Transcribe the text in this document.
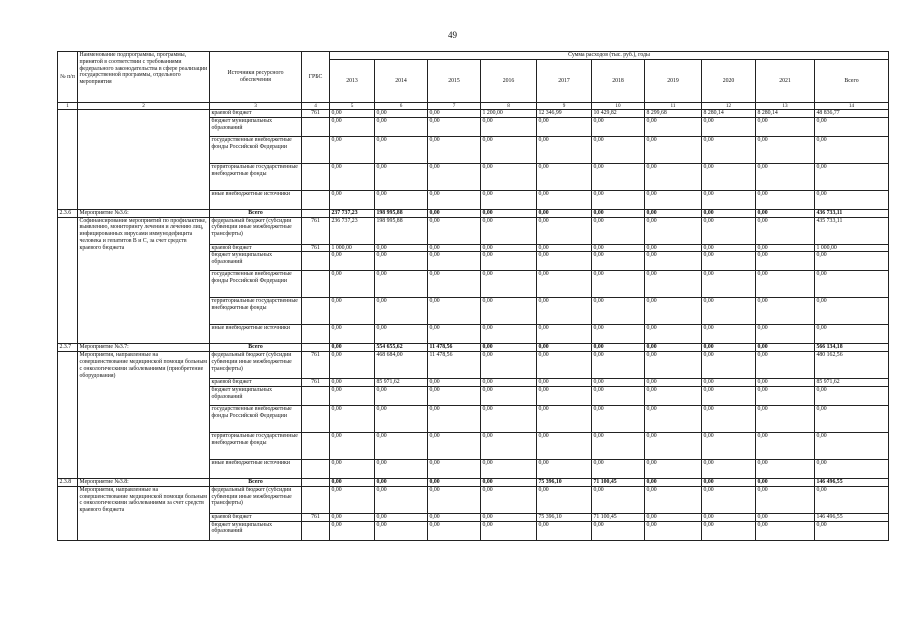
49
№ п/п	Наименование подпрограммы, программы, принятой в соответствии с требованиями федерального законодательства в сфере реализации государственной программы, отдельного мероприятия	Источники ресурсного обеспечения	ГРБС	Сумма расходов (тыс. руб.), годы									
				2013	2014	2015	2016	2017	2018	2019	2020	2021	Всего
1	2	3	4	5	6	7	8	9	10	11	12	13	14
		краевой бюджет	761	0,00	0,00	0,00	1 200,00	12 346,99	10 429,82	8 299,68	8 280,14	8 280,14	48 836,77
		бюджет муниципальных образований		0,00	0,00	0,00	0,00	0,00	0,00	0,00	0,00	0,00	0,00
		государственные внебюджетные фонды Российской Федерации		0,00	0,00	0,00	0,00	0,00	0,00	0,00	0,00	0,00	0,00
		территориальные государственные внебюджетные фонды		0,00	0,00	0,00	0,00	0,00	0,00	0,00	0,00	0,00	0,00
		иные внебюджетные источники		0,00	0,00	0,00	0,00	0,00	0,00	0,00	0,00	0,00	0,00
2.3.6	Мероприятие №3.6:	Всего		237 737,23	198 995,88	0,00	0,00	0,00	0,00	0,00	0,00	0,00	436 733,11
	Софинансирование мероприятий по профилактике, выявлению, мониторингу лечения и лечению лиц, инфицированных вирусами иммунодефицита человека и гепатитов В и С, за счет средств краевого бюджета	федеральный бюджет (субсидии субвенции иные межбюджетные трансферты)	761	236 737,23	198 995,88	0,00	0,00	0,00	0,00	0,00	0,00	0,00	435 733,11
		краевой бюджет	761	1 000,00	0,00	0,00	0,00	0,00	0,00	0,00	0,00	0,00	1 000,00
		бюджет муниципальных образований		0,00	0,00	0,00	0,00	0,00	0,00	0,00	0,00	0,00	0,00
		государственные внебюджетные фонды Российской Федерации		0,00	0,00	0,00	0,00	0,00	0,00	0,00	0,00	0,00	0,00
		территориальные государственные внебюджетные фонды		0,00	0,00	0,00	0,00	0,00	0,00	0,00	0,00	0,00	0,00
		иные внебюджетные источники		0,00	0,00	0,00	0,00	0,00	0,00	0,00	0,00	0,00	0,00
2.3.7	Мероприятие №3.7:	Всего		0,00	554 655,62	11 478,56	0,00	0,00	0,00	0,00	0,00	0,00	566 134,18
	Мероприятия, направленные на совершенствование медицинской помощи больным с онкологическими заболеваниями (приобретение оборудования)	федеральный бюджет (субсидии субвенции иные межбюджетные трансферты)	761	0,00	468 684,00	11 478,56	0,00	0,00	0,00	0,00	0,00	0,00	480 162,56
		краевой бюджет	761	0,00	85 971,62	0,00	0,00	0,00	0,00	0,00	0,00	0,00	85 971,62
		бюджет муниципальных образований		0,00	0,00	0,00	0,00	0,00	0,00	0,00	0,00	0,00	0,00
		государственные внебюджетные фонды Российской Федерации		0,00	0,00	0,00	0,00	0,00	0,00	0,00	0,00	0,00	0,00
		территориальные государственные внебюджетные фонды		0,00	0,00	0,00	0,00	0,00	0,00	0,00	0,00	0,00	0,00
		иные внебюджетные источники		0,00	0,00	0,00	0,00	0,00	0,00	0,00	0,00	0,00	0,00
2.3.8	Мероприятие №3.8:	Всего		0,00	0,00	0,00	0,00	75 396,10	71 100,45	0,00	0,00	0,00	146 496,55
	Мероприятия, направленные на совершенствование медицинской помощи больным с онкологическими заболеваниями за счет средств краевого бюджета	федеральный бюджет (субсидии субвенции иные межбюджетные трансферты)		0,00	0,00	0,00	0,00	0,00	0,00	0,00	0,00	0,00	0,00
		краевой бюджет	761	0,00	0,00	0,00	0,00	75 396,10	71 100,45	0,00	0,00	0,00	146 496,55
		бюджет муниципальных образований		0,00	0,00	0,00	0,00	0,00	0,00	0,00	0,00	0,00	0,00
